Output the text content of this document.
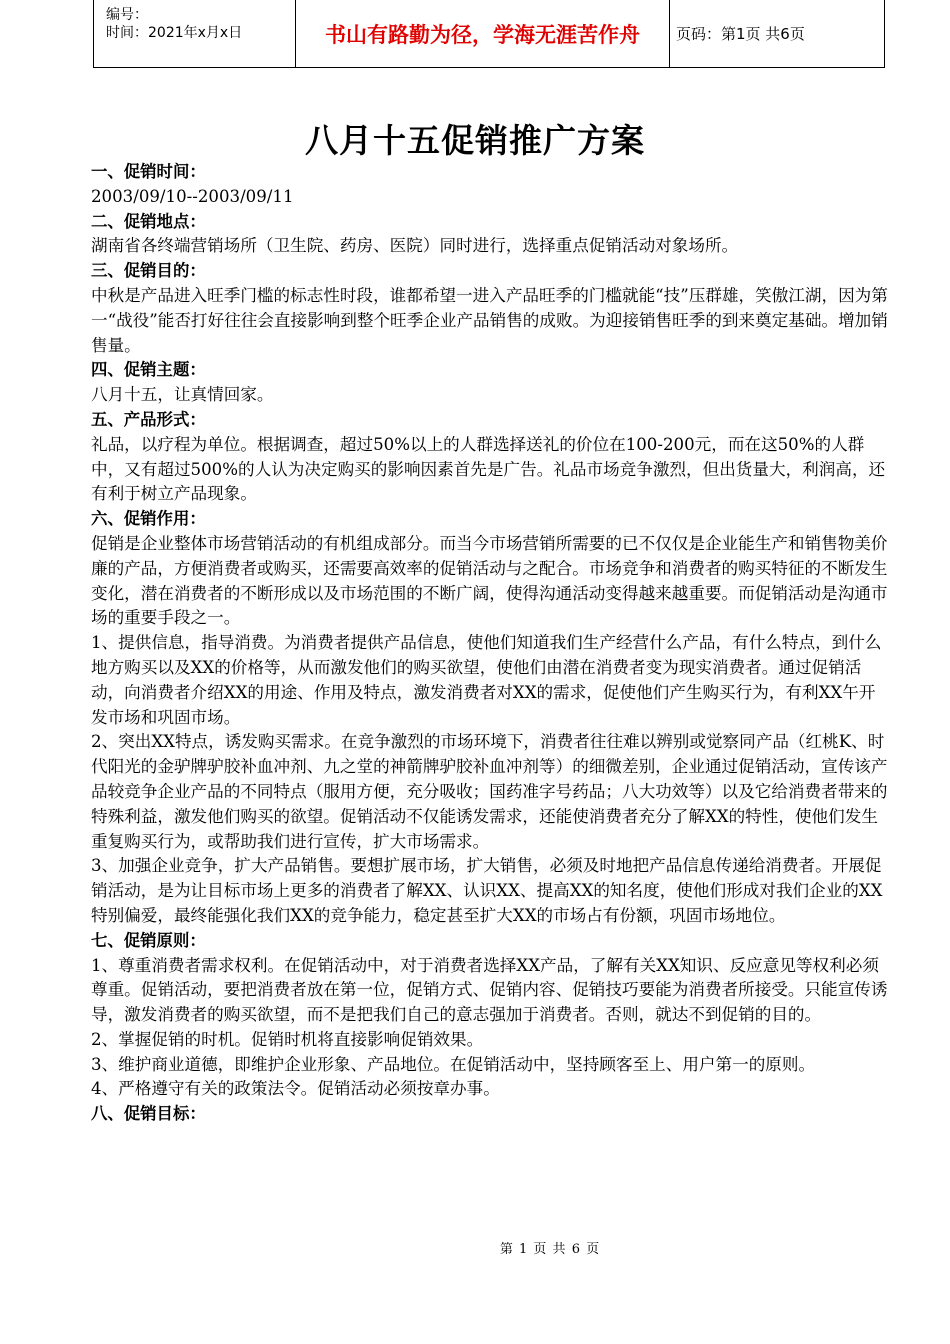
编号：
时间：2021年x月x日	书山有路勤为径，学海无涯苦作舟	页码：第1页 共6页
八月十五促销推广方案

一、促销时间：

2003/09/10--2003/09/11

二、促销地点：

湖南省各终端营销场所（卫生院、药房、医院）同时进行，选择重点促销活动对象场所。

三、促销目的：

中秋是产品进入旺季门槛的标志性时段，谁都希望一进入产品旺季的门槛就能“技”压群雄，笑傲江湖，因为第一“战役”能否打好往往会直接影响到整个旺季企业产品销售的成败。为迎接销售旺季的到来奠定基础。增加销售量。

四、促销主题：

八月十五，让真情回家。

五、产品形式：

礼品，以疗程为单位。根据调查，超过50%以上的人群选择送礼的价位在100-200元，而在这50%的人群中，又有超过500%的人认为决定购买的影响因素首先是广告。礼品市场竞争激烈，但出货量大，利润高，还有利于树立产品现象。

六、促销作用：

促销是企业整体市场营销活动的有机组成部分。而当今市场营销所需要的已不仅仅是企业能生产和销售物美价廉的产品，方便消费者或购买，还需要高效率的促销活动与之配合。市场竞争和消费者的购买特征的不断发生变化，潜在消费者的不断形成以及市场范围的不断广阔，使得沟通活动变得越来越重要。而促销活动是沟通市场的重要手段之一。

1、提供信息，指导消费。为消费者提供产品信息，使他们知道我们生产经营什么产品，有什么特点，到什么地方购买以及XX的价格等，从而激发他们的购买欲望，使他们由潜在消费者变为现实消费者。通过促销活动，向消费者介绍XX的用途、作用及特点，激发消费者对XX的需求，促使他们产生购买行为，有利XX午开发市场和巩固市场。

2、突出XX特点，诱发购买需求。在竞争激烈的市场环境下，消费者往往难以辨别或觉察同产品（红桃K、时代阳光的金驴牌驴胶补血冲剂、九之堂的神箭牌驴胶补血冲剂等）的细微差别，企业通过促销活动，宣传该产品较竞争企业产品的不同特点（服用方便，充分吸收；国药准字号药品；八大功效等）以及它给消费者带来的特殊利益，激发他们购买的欲望。促销活动不仅能诱发需求，还能使消费者充分了解XX的特性，使他们发生重复购买行为，或帮助我们进行宣传，扩大市场需求。

3、加强企业竞争，扩大产品销售。要想扩展市场，扩大销售，必须及时地把产品信息传递给消费者。开展促销活动，是为让目标市场上更多的消费者了解XX、认识XX、提高XX的知名度，使他们形成对我们企业的XX特别偏爱，最终能强化我们XX的竞争能力，稳定甚至扩大XX的市场占有份额，巩固市场地位。

七、促销原则：

1、尊重消费者需求权利。在促销活动中，对于消费者选择XX产品，了解有关XX知识、反应意见等权利必须尊重。促销活动，要把消费者放在第一位，促销方式、促销内容、促销技巧要能为消费者所接受。只能宣传诱导，激发消费者的购买欲望，而不是把我们自己的意志强加于消费者。否则，就达不到促销的目的。

2、掌握促销的时机。促销时机将直接影响促销效果。

3、维护商业道德，即维护企业形象、产品地位。在促销活动中，坚持顾客至上、用户第一的原则。

4、严格遵守有关的政策法令。促销活动必须按章办事。

八、促销目标：

第 1 页 共 6 页
